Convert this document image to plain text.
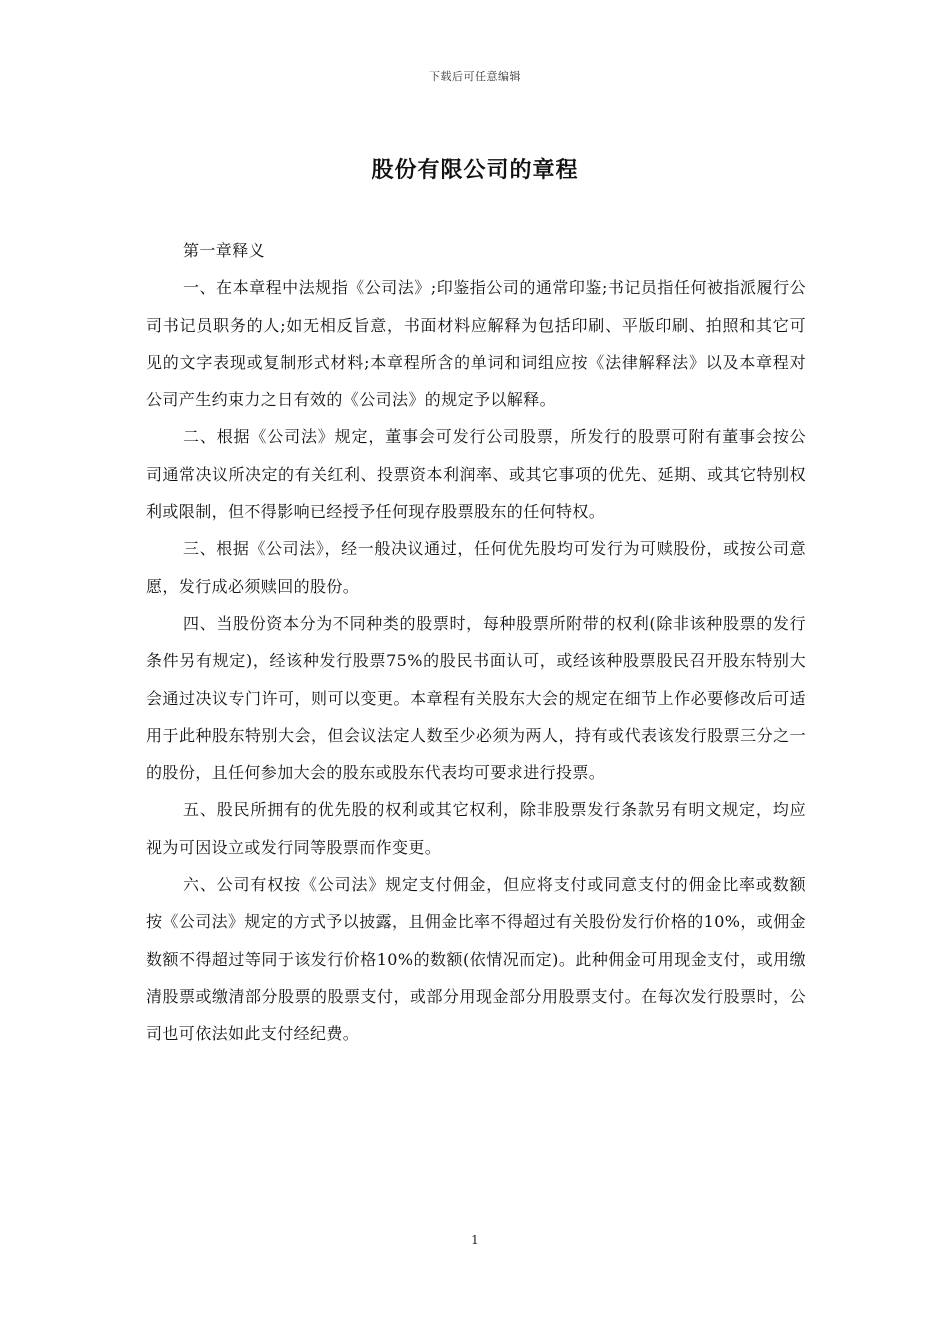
下载后可任意编辑
股份有限公司的章程

第一章释义

一、在本章程中法规指《公司法》;印鉴指公司的通常印鉴;书记员指任何被指派履行公司书记员职务的人;如无相反旨意，书面材料应解释为包括印刷、平版印刷、拍照和其它可见的文字表现或复制形式材料;本章程所含的单词和词组应按《法律解释法》以及本章程对公司产生约束力之日有效的《公司法》的规定予以解释。

二、根据《公司法》规定，董事会可发行公司股票，所发行的股票可附有董事会按公司通常决议所决定的有关红利、投票资本利润率、或其它事项的优先、延期、或其它特别权利或限制，但不得影响已经授予任何现存股票股东的任何特权。

三、根据《公司法》，经一般决议通过，任何优先股均可发行为可赎股份，或按公司意愿，发行成必须赎回的股份。

四、当股份资本分为不同种类的股票时，每种股票所附带的权利(除非该种股票的发行条件另有规定)，经该种发行股票75%的股民书面认可，或经该种股票股民召开股东特别大会通过决议专门许可，则可以变更。本章程有关股东大会的规定在细节上作必要修改后可适用于此种股东特别大会，但会议法定人数至少必须为两人，持有或代表该发行股票三分之一的股份，且任何参加大会的股东或股东代表均可要求进行投票。

五、股民所拥有的优先股的权利或其它权利，除非股票发行条款另有明文规定，均应视为可因设立或发行同等股票而作变更。

六、公司有权按《公司法》规定支付佣金，但应将支付或同意支付的佣金比率或数额按《公司法》规定的方式予以披露，且佣金比率不得超过有关股份发行价格的10%，或佣金数额不得超过等同于该发行价格10%的数额(依情况而定)。此种佣金可用现金支付，或用缴清股票或缴清部分股票的股票支付，或部分用现金部分用股票支付。在每次发行股票时，公司也可依法如此支付经纪费。

1
